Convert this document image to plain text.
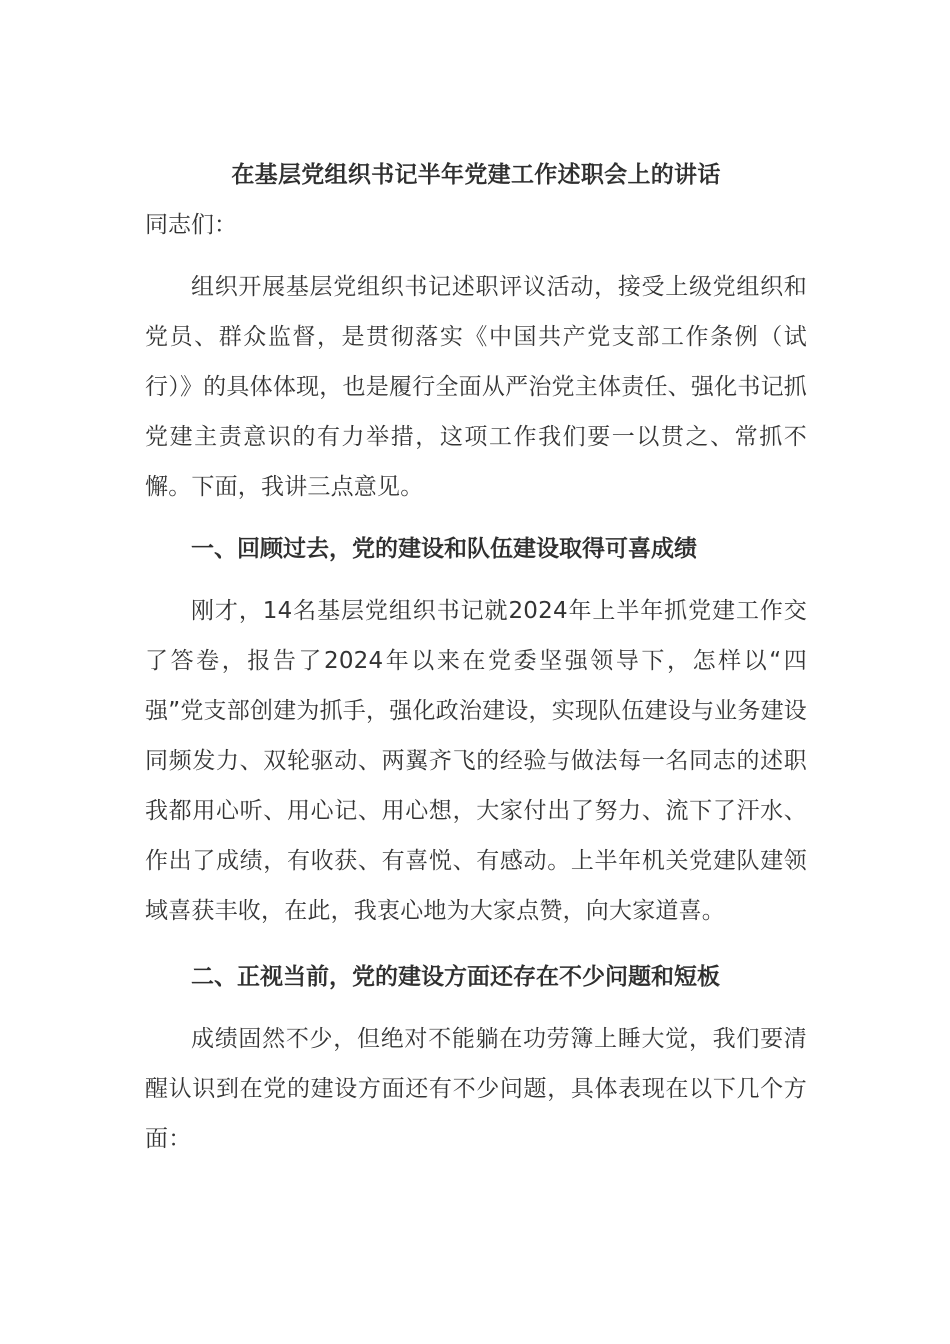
在基层党组织书记半年党建工作述职会上的讲话

同志们：

组织开展基层党组织书记述职评议活动，接受上级党组织和党员、群众监督，是贯彻落实《中国共产党支部工作条例（试行）》的具体体现，也是履行全面从严治党主体责任、强化书记抓党建主责意识的有力举措，这项工作我们要一以贯之、常抓不懈。下面，我讲三点意见。

一、回顾过去，党的建设和队伍建设取得可喜成绩

刚才，14名基层党组织书记就2024年上半年抓党建工作交了答卷，报告了2024年以来在党委坚强领导下，怎样以“四强”党支部创建为抓手，强化政治建设，实现队伍建设与业务建设同频发力、双轮驱动、两翼齐飞的经验与做法每一名同志的述职我都用心听、用心记、用心想，大家付出了努力、流下了汗水、作出了成绩，有收获、有喜悦、有感动。上半年机关党建队建领域喜获丰收，在此，我衷心地为大家点赞，向大家道喜。

二、正视当前，党的建设方面还存在不少问题和短板

成绩固然不少，但绝对不能躺在功劳簿上睡大觉，我们要清醒认识到在党的建设方面还有不少问题，具体表现在以下几个方面：
